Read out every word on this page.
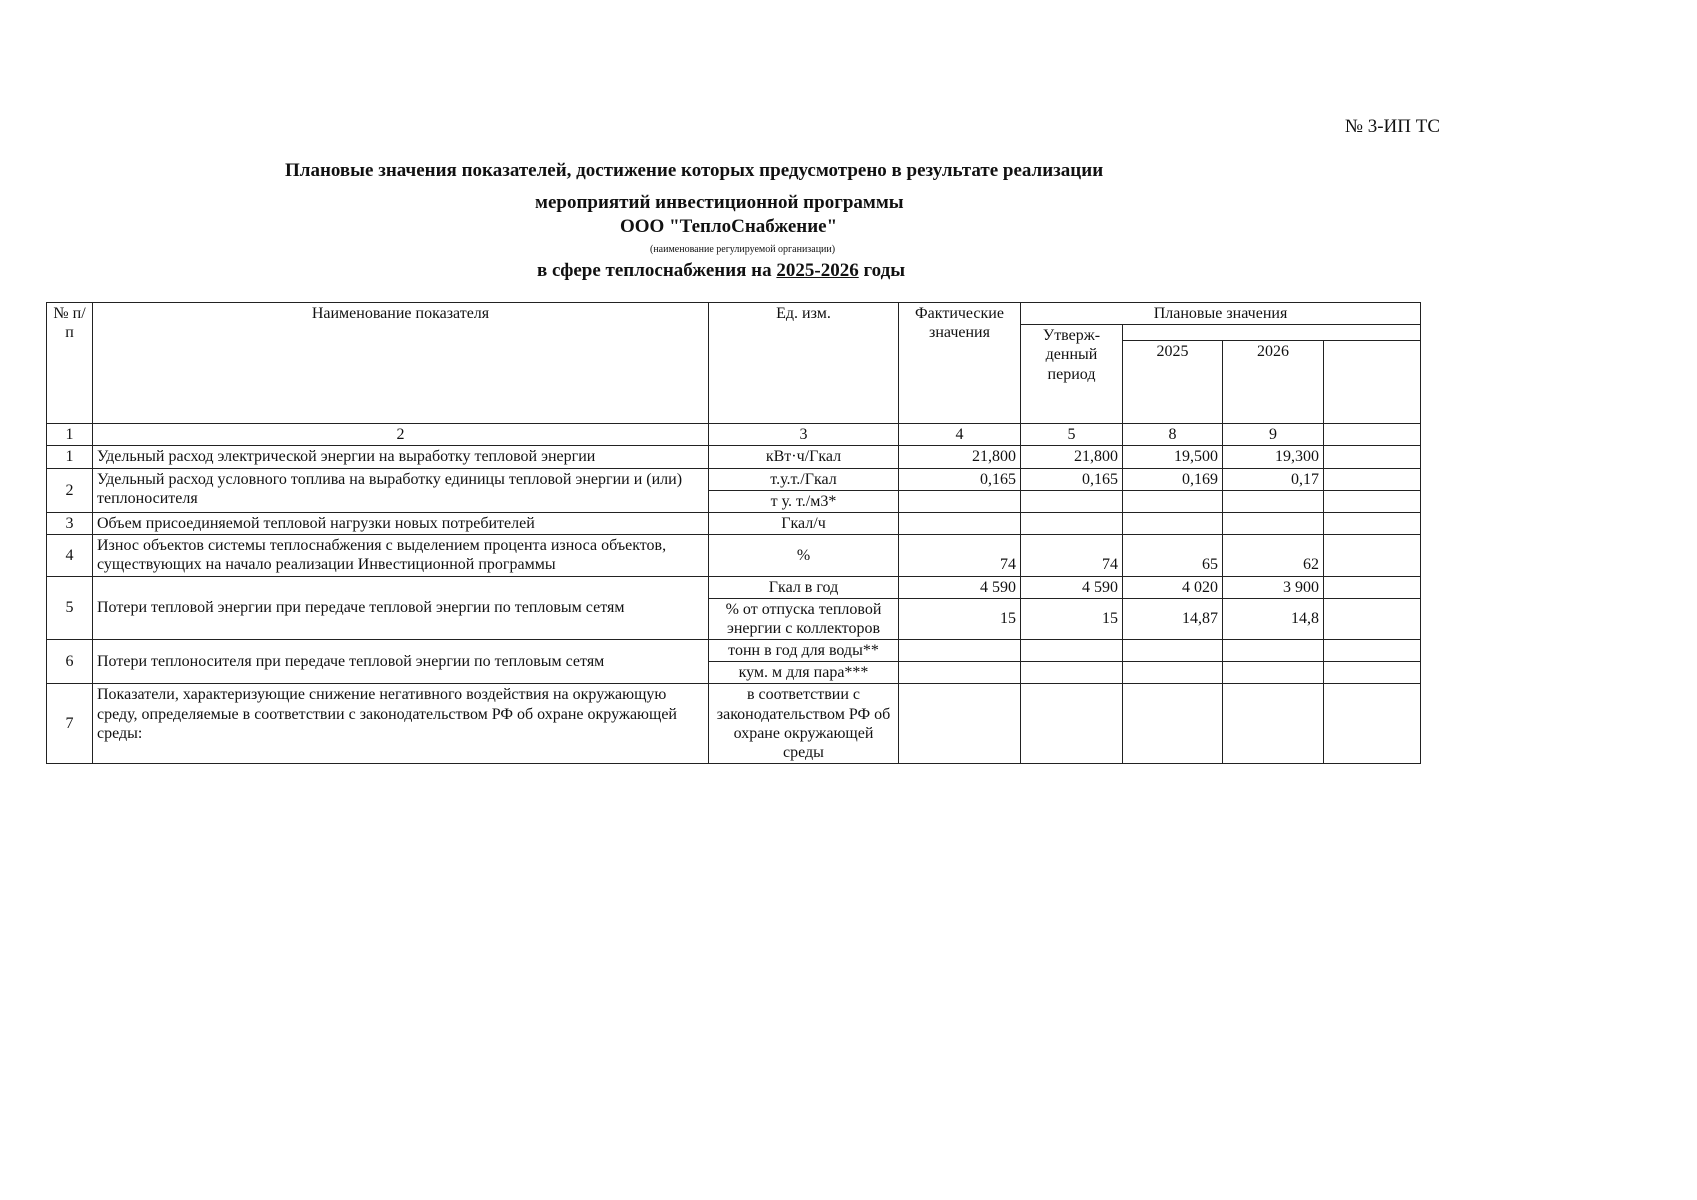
№ 3-ИП ТС
Плановые значения показателей, достижение которых предусмотрено в результате реализации
мероприятий инвестиционной программы
ООО "ТеплоСнабжение"
(наименование регулируемой организации)
в сфере теплоснабжения на 2025-2026 годы
№ п/п	Наименование показателя	Ед. изм.	Фактические значения	Плановые значения			
				Утверж-денный период			
					2025	2026	
1	2	3	4	5	8	9	
1	Удельный расход электрической энергии на выработку тепловой энергии	кВт·ч/Гкал	21,800	21,800	19,500	19,300	
2	Удельный расход условного топлива на выработку единицы тепловой энергии и (или) теплоносителя	т.у.т./Гкал	0,165	0,165	0,169	0,17	
		т у. т./м3*					
3	Объем присоединяемой тепловой нагрузки новых потребителей	Гкал/ч					
4	Износ объектов системы теплоснабжения с выделением процента износа объектов, существующих на начало реализации Инвестиционной программы	%	74	74	65	62	
5	Потери тепловой энергии при передаче тепловой энергии по тепловым сетям	Гкал в год	4 590	4 590	4 020	3 900	
		% от отпуска тепловой энергии с коллекторов	15	15	14,87	14,8	
6	Потери теплоносителя при передаче тепловой энергии по тепловым сетям	тонн в год для воды**					
		кум. м для пара***					
7	Показатели, характеризующие снижение негативного воздействия на окружающую среду, определяемые в соответствии с законодательством РФ об охране окружающей среды:	в соответствии с законодательством РФ об охране окружающей среды					
